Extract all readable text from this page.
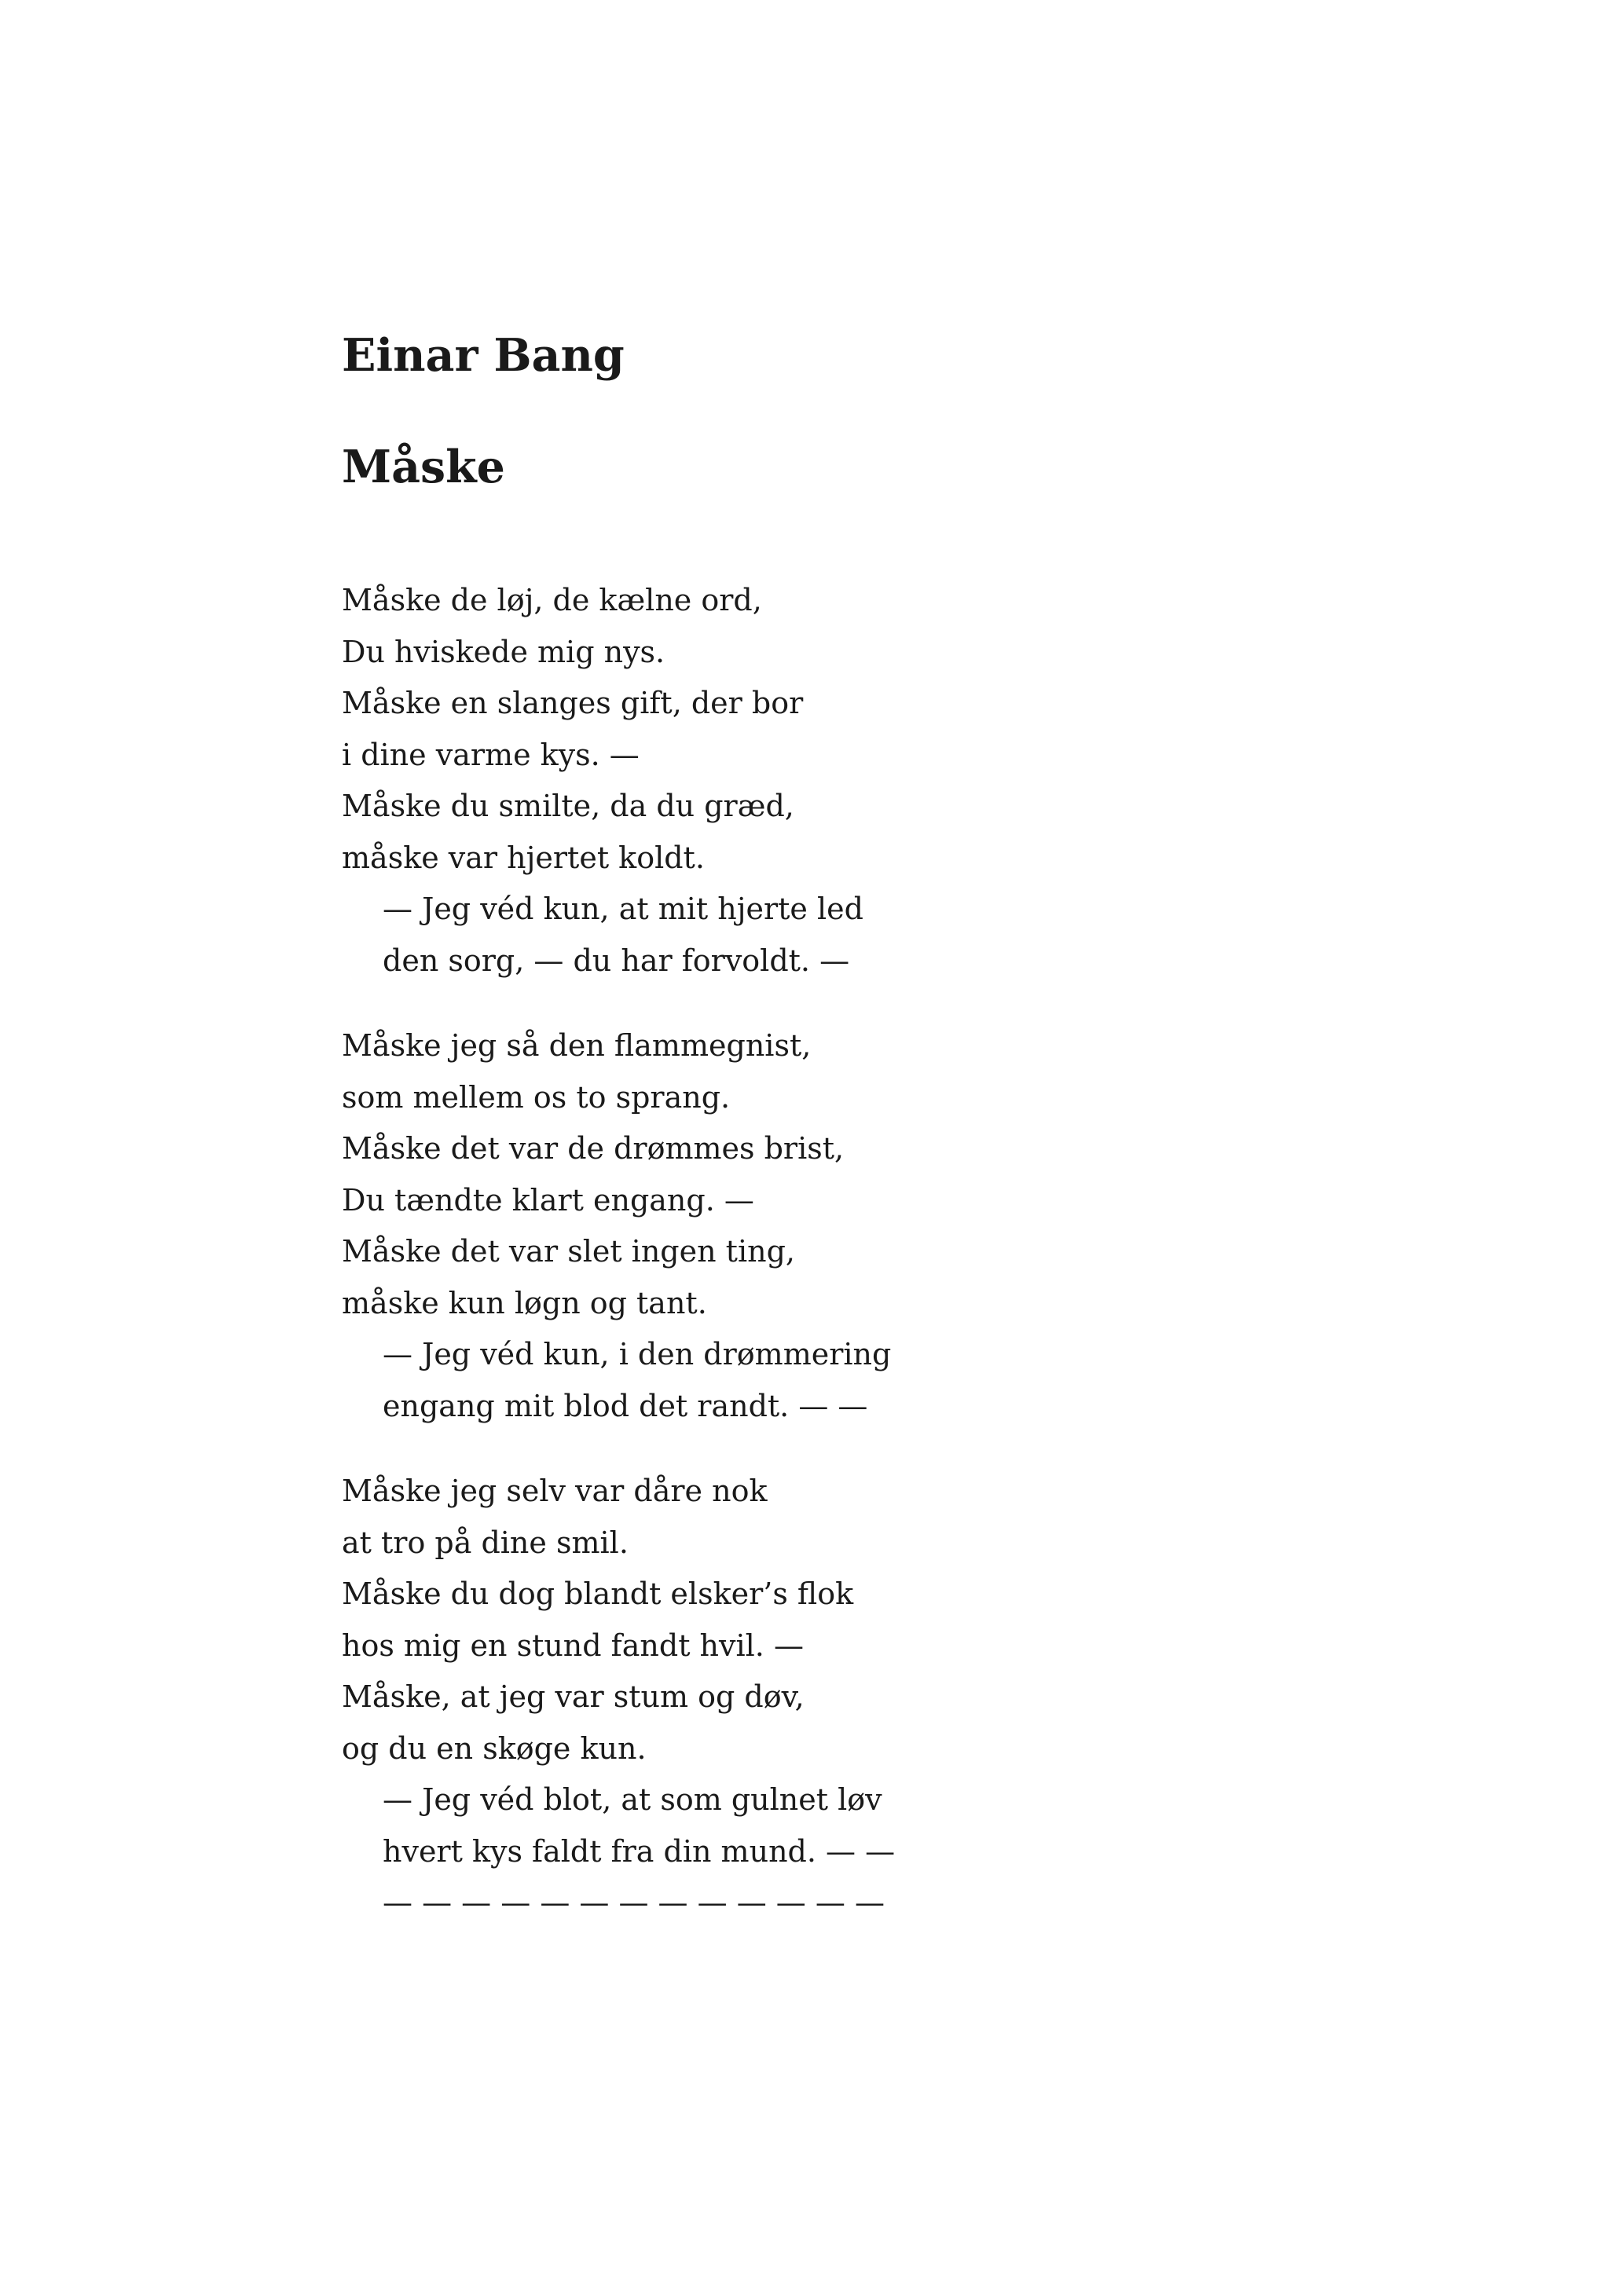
Einar Bang
Måske
Måske de løj, de kælne ord,
Du hviskede mig nys.
Måske en slanges gift, der bor
i dine varme kys. —
Måske du smilte, da du græd,
måske var hjertet koldt.
— Jeg véd kun, at mit hjerte led
den sorg, — du har forvoldt. —
Måske jeg så den flammegnist,
som mellem os to sprang.
Måske det var de drømmes brist,
Du tændte klart engang. —
Måske det var slet ingen ting,
måske kun løgn og tant.
— Jeg véd kun, i den drømmering
engang mit blod det randt. — —
Måske jeg selv var dåre nok
at tro på dine smil.
Måske du dog blandt elsker’s flok
hos mig en stund fandt hvil. —
Måske, at jeg var stum og døv,
og du en skøge kun.
— Jeg véd blot, at som gulnet løv
hvert kys faldt fra din mund. — —
— — — — — — — — — — — — —
